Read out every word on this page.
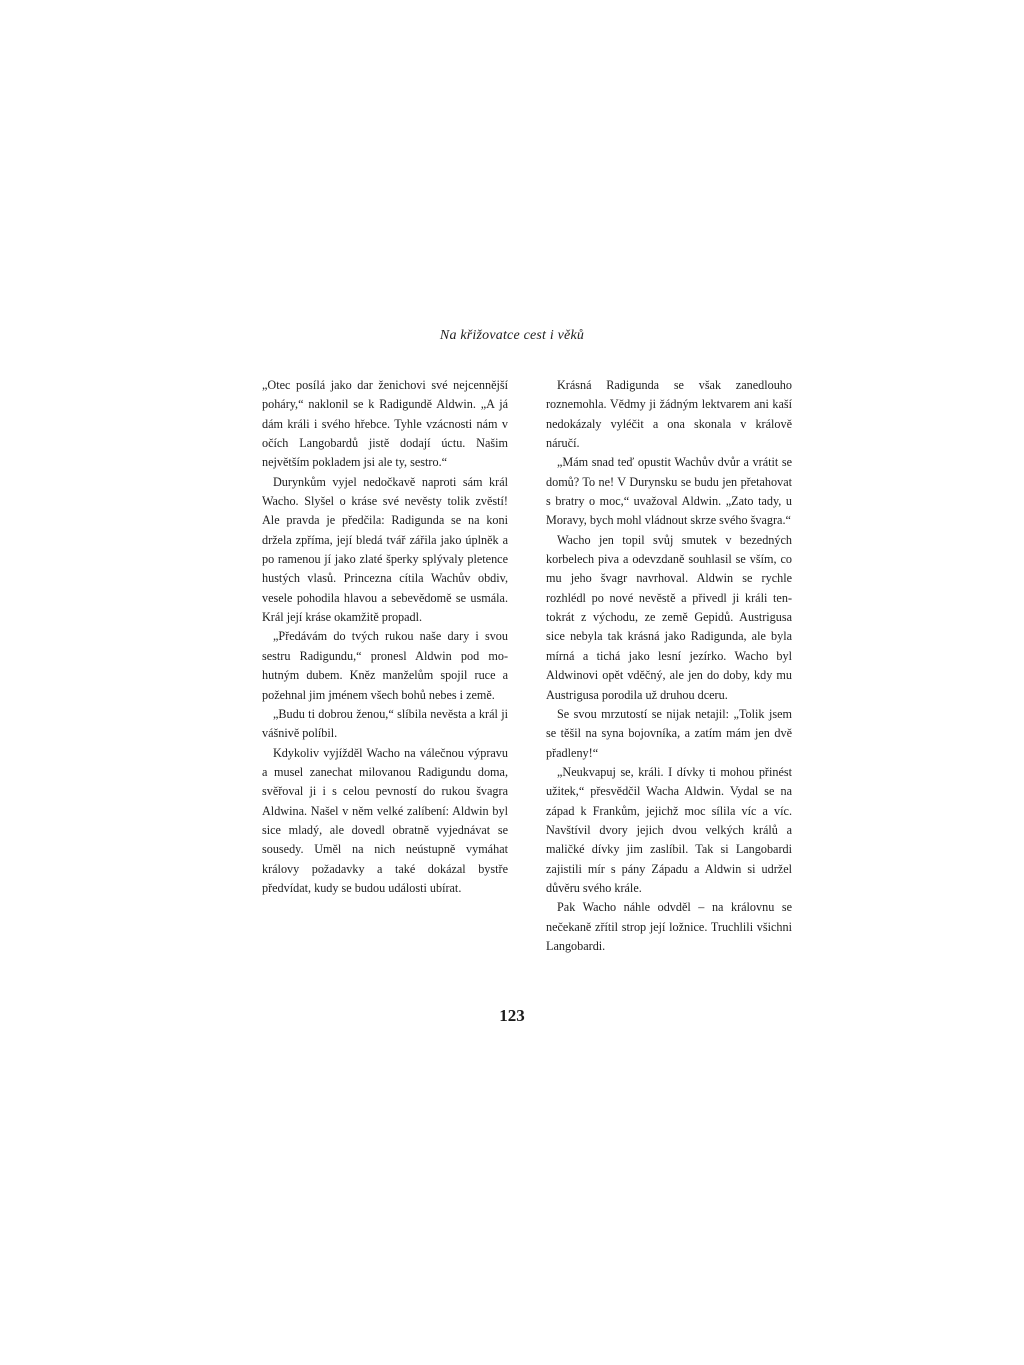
Na křižovatce cest i věků

„Otec posílá jako dar ženichovi své nejcennější poháry,“ naklonil se k Radigundě Aldwin. „A já dám králi i svého hřebce. Tyhle vzácnosti nám v očích Langobardů jistě dodají úctu. Našim největším pokladem jsi ale ty, sestro.“

Durynkům vyjel nedočkavě naproti sám král Wacho. Slyšel o kráse své nevěsty tolik zvěstí! Ale pravda je předčila: Radigunda se na koni držela zpříma, její bledá tvář zářila jako úplněk a po ramenou jí jako zlaté šperky splývaly pletence hustých vlasů. Princezna cítila Wachův obdiv, vesele pohodila hlavou a sebevědomě se usmála. Král její kráse okamžitě propadl.

„Předávám do tvých rukou naše dary i svou sestru Radigundu,“ pronesl Aldwin pod mohutným dubem. Kněz manželům spojil ruce a požehnal jim jménem všech bohů nebes i země.

„Budu ti dobrou ženou,“ slíbila nevěsta a král ji vášnivě políbil.

Kdykoliv vyjížděl Wacho na válečnou výpravu a musel zanechat milovanou Radigundu doma, svěřoval ji i s celou pevností do rukou švagra Aldwina. Našel v něm velké zalíbení: Aldwin byl sice mladý, ale dovedl obratně vyjednávat se sousedy. Uměl na nich neústupně vymáhat královy požadavky a také dokázal bystře předvídat, kudy se budou události ubírat.

Krásná Radigunda se však zanedlouho roznemohla. Vědmy ji žádným lektvarem ani kaší nedokázaly vyléčit a ona skonala v králově náručí.

„Mám snad teď opustit Wachův dvůr a vrátit se domů? To ne! V Durynsku se budu jen přetahovat s bratry o moc,“ uvažoval Aldwin. „Zato tady, u Moravy, bych mohl vládnout skrze svého švagra.“

Wacho jen topil svůj smutek v bezedných korbelech piva a odevzdaně souhlasil se vším, co mu jeho švagr navrhoval. Aldwin se rychle rozhlédl po nové nevěstě a přivedl ji králi tentokrát z východu, ze země Gepidů. Austrigusa sice nebyla tak krásná jako Radigunda, ale byla mírná a tichá jako lesní jezírko. Wacho byl Aldwinovi opět vděčný, ale jen do doby, kdy mu Austrigusa porodila už druhou dceru.

Se svou mrzutostí se nijak netajil: „Tolik jsem se těšil na syna bojovníka, a zatím mám jen dvě přadleny!“

„Neukvapuj se, králi. I dívky ti mohou přinést užitek,“ přesvědčil Wacha Aldwin. Vydal se na západ k Frankům, jejichž moc sílila víc a víc. Navštívil dvory jejich dvou velkých králů a maličké dívky jim zaslíbil. Tak si Langobardi zajistili mír s pány Západu a Aldwin si udržel důvěru svého krále.

Pak Wacho náhle odvděl – na královnu se nečekaně zřítil strop její ložnice. Truchlili všichni Langobardi.

123
